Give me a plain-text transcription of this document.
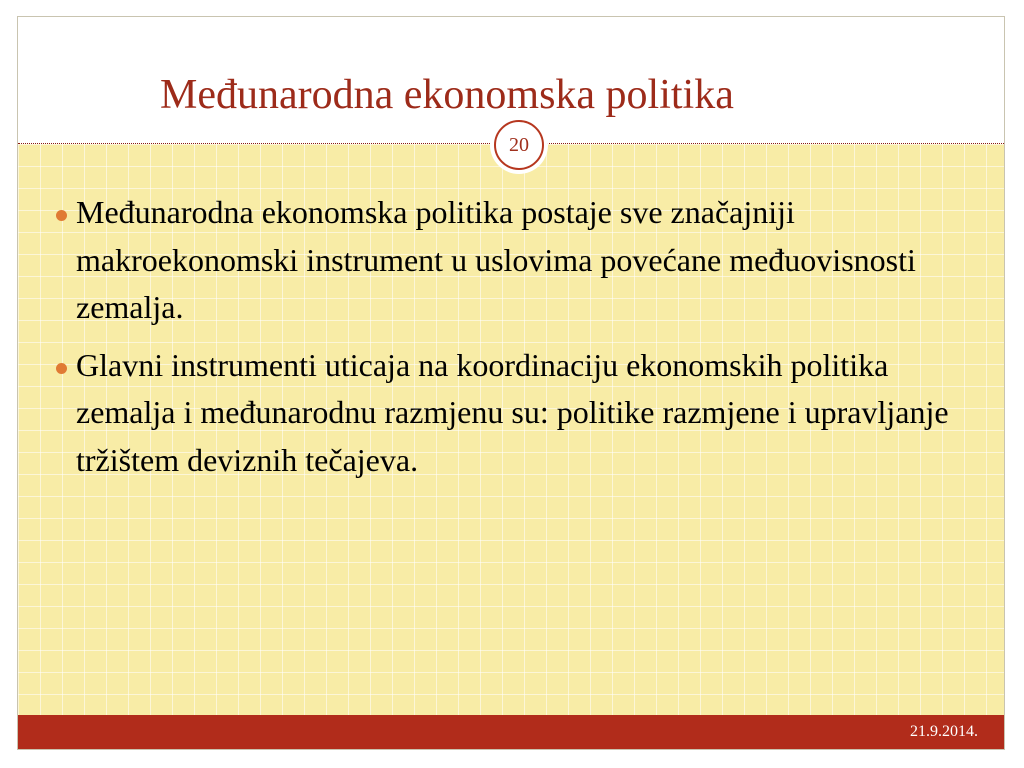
Međunarodna ekonomska politika
20
Međunarodna ekonomska politika postaje sve značajniji makroekonomski instrument u uslovima povećane međuovisnosti zemalja.
Glavni instrumenti uticaja na koordinaciju ekonomskih politika zemalja i međunarodnu razmjenu su: politike razmjene i upravljanje tržištem deviznih tečajeva.
21.9.2014.
